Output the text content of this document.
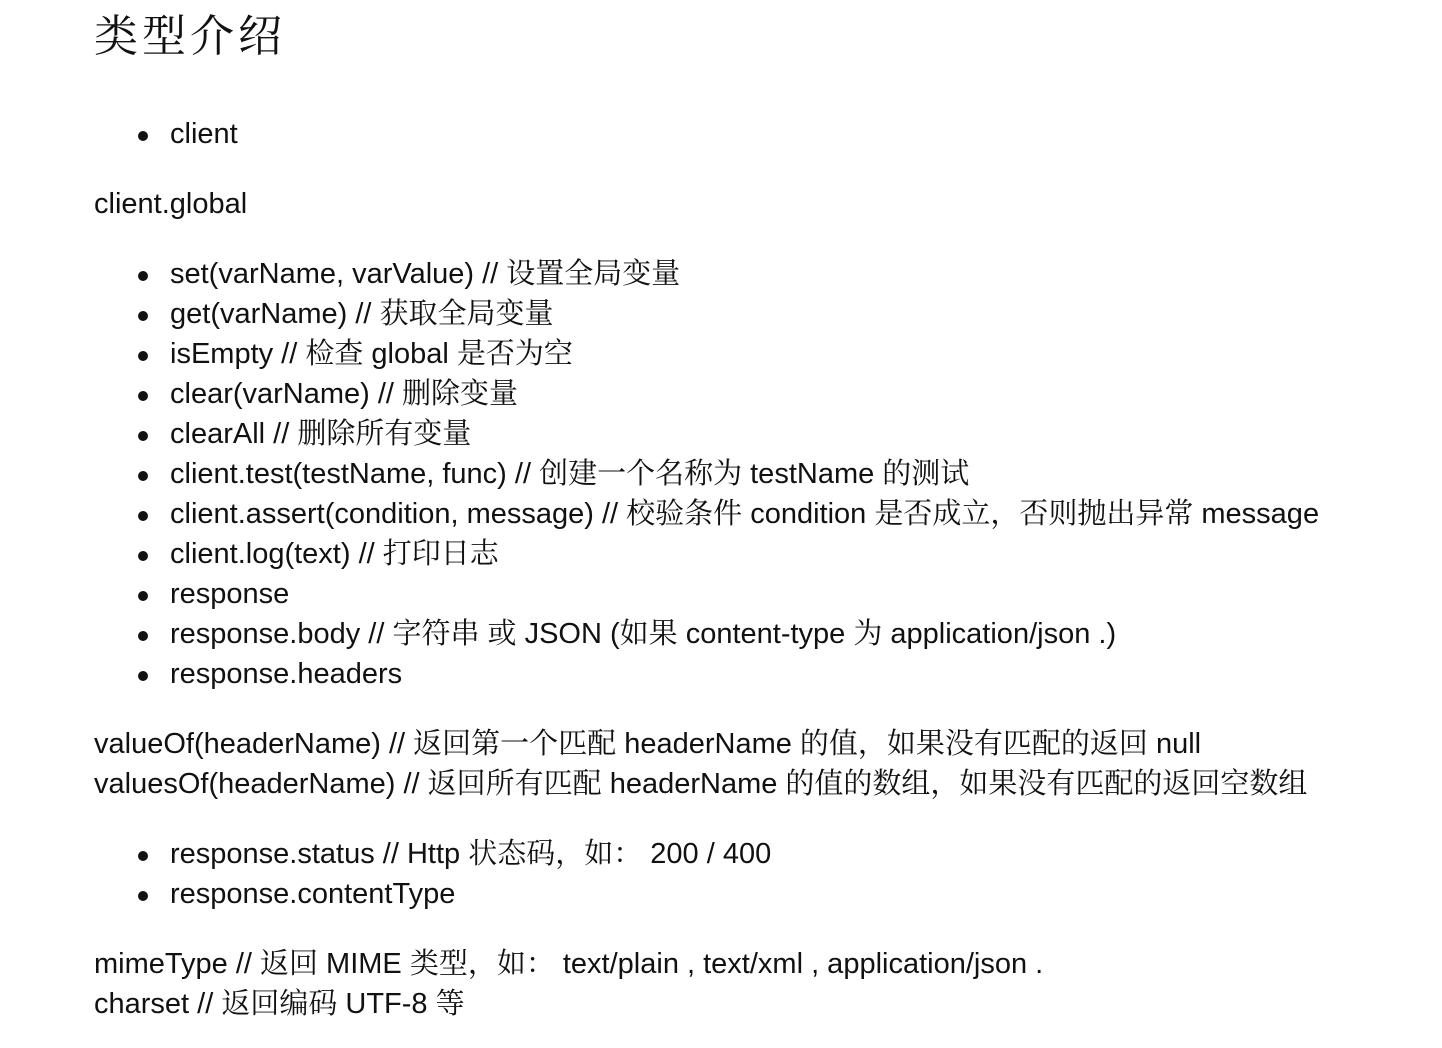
类型介绍
client

client.global

set(varName, varValue) // 设置全局变量
get(varName) // 获取全局变量
isEmpty // 检查 global 是否为空
clear(varName) // 删除变量
clearAll // 删除所有变量
client.test(testName, func) // 创建一个名称为 testName 的测试
client.assert(condition, message) // 校验条件 condition 是否成立，否则抛出异常 message
client.log(text) // 打印日志
response
response.body // 字符串 或 JSON (如果 content-type 为 application/json .)
response.headers

valueOf(headerName) // 返回第一个匹配 headerName 的值，如果没有匹配的返回 null

valuesOf(headerName) // 返回所有匹配 headerName 的值的数组，如果没有匹配的返回空数组

response.status // Http 状态码，如： 200 / 400
response.contentType

mimeType // 返回 MIME 类型，如： text/plain , text/xml , application/json .

charset // 返回编码 UTF-8 等
